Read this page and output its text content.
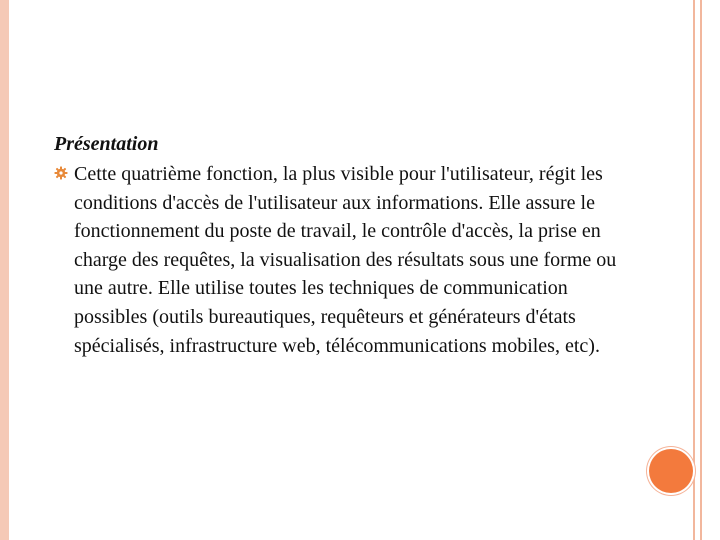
Présentation

Cette quatrième fonction, la plus visible pour l'utilisateur, régit les conditions d'accès de l'utilisateur aux informations. Elle assure le fonctionnement du poste de travail, le contrôle d'accès, la prise en charge des requêtes, la visualisation des résultats sous une forme ou une autre. Elle utilise toutes les techniques de communication possibles (outils bureautiques, requêteurs et générateurs d'états spécialisés, infrastructure web, télécommunications mobiles, etc).
